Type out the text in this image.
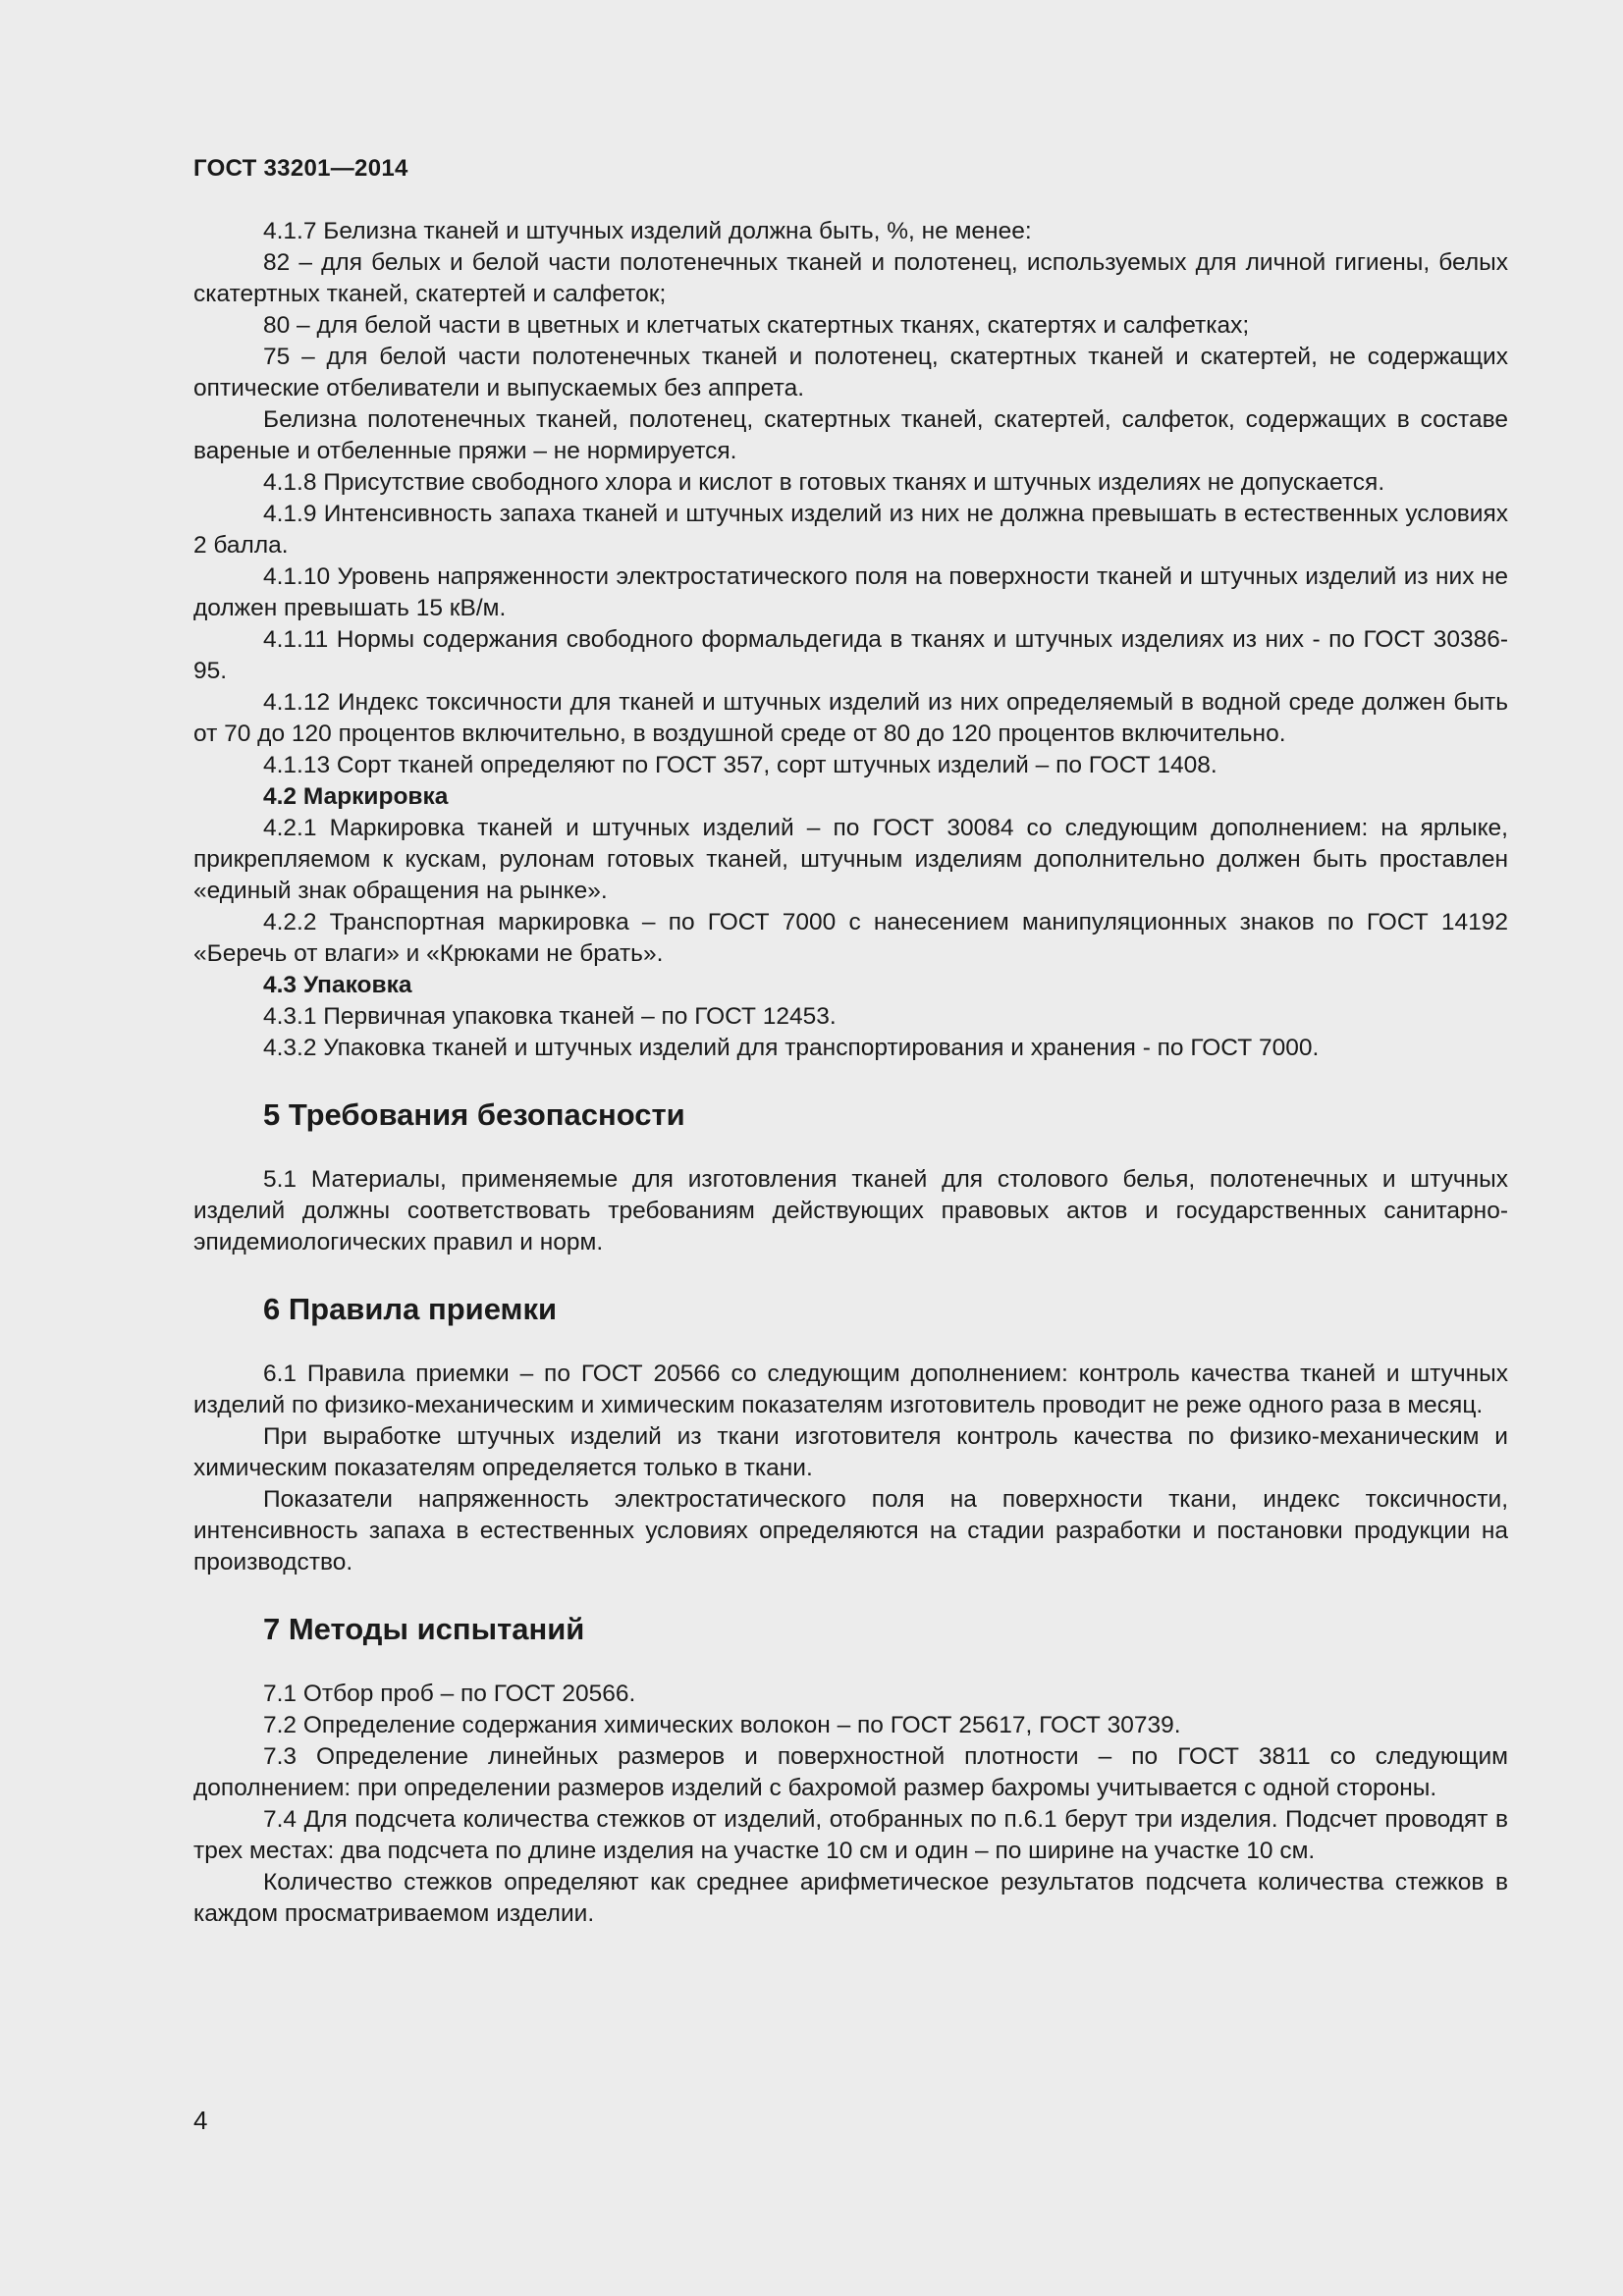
ГОСТ 33201—2014

4.1.7 Белизна тканей и штучных изделий должна быть, %, не менее:

82 – для белых и белой части полотенечных тканей и полотенец, используемых для личной гигиены, белых скатертных тканей, скатертей и салфеток;

80 – для белой части в цветных и клетчатых скатертных тканях, скатертях и салфетках;

75 – для белой части полотенечных тканей и полотенец, скатертных тканей и скатертей, не содержащих оптические отбеливатели и выпускаемых без аппрета.

Белизна полотенечных тканей, полотенец, скатертных тканей, скатертей, салфеток, содержащих в составе вареные и отбеленные пряжи – не нормируется.

4.1.8 Присутствие свободного хлора и кислот в готовых тканях и штучных изделиях не допускается.

4.1.9 Интенсивность запаха тканей и штучных изделий из них не должна превышать в естественных условиях 2 балла.

4.1.10 Уровень напряженности электростатического поля на поверхности тканей и штучных изделий из них не должен превышать 15 кВ/м.

4.1.11 Нормы содержания свободного формальдегида в тканях и штучных изделиях из них - по ГОСТ 30386-95.

4.1.12 Индекс токсичности для тканей и штучных изделий из них определяемый в водной среде должен быть от 70 до 120 процентов включительно, в воздушной среде от 80 до 120 процентов включительно.

4.1.13 Сорт тканей определяют по ГОСТ 357, сорт штучных изделий – по ГОСТ 1408.

4.2 Маркировка

4.2.1 Маркировка тканей и штучных изделий – по ГОСТ 30084 со следующим дополнением: на ярлыке, прикрепляемом к кускам, рулонам готовых тканей, штучным изделиям дополнительно должен быть проставлен «единый знак обращения на рынке».

4.2.2 Транспортная маркировка – по ГОСТ 7000 с нанесением манипуляционных знаков по ГОСТ 14192 «Беречь от влаги» и «Крюками не брать».

4.3 Упаковка

4.3.1 Первичная упаковка тканей – по ГОСТ 12453.

4.3.2 Упаковка тканей и штучных изделий для транспортирования и хранения - по ГОСТ 7000.

5 Требования безопасности

5.1 Материалы, применяемые для изготовления тканей для столового белья, полотенечных и штучных изделий должны соответствовать требованиям действующих правовых актов и государственных санитарно-эпидемиологических правил и норм.

6 Правила приемки

6.1 Правила приемки – по ГОСТ 20566 со следующим дополнением: контроль качества тканей и штучных изделий по физико-механическим и химическим показателям изготовитель проводит не реже одного раза в месяц.

При выработке штучных изделий из ткани изготовителя контроль качества по физико-механическим и химическим показателям определяется только в ткани.

Показатели напряженность электростатического поля на поверхности ткани, индекс токсичности, интенсивность запаха в естественных условиях определяются на стадии разработки и постановки продукции на производство.

7 Методы испытаний

7.1 Отбор проб – по ГОСТ 20566.

7.2 Определение содержания химических волокон – по ГОСТ 25617, ГОСТ 30739.

7.3 Определение линейных размеров и поверхностной плотности – по ГОСТ 3811 со следующим дополнением: при определении размеров изделий с бахромой размер бахромы учитывается с одной стороны.

7.4 Для подсчета количества стежков от изделий, отобранных по п.6.1 берут три изделия. Подсчет проводят в трех местах: два подсчета по длине изделия на участке 10 см и один – по ширине на участке 10 см.

Количество стежков определяют как среднее арифметическое результатов подсчета количества стежков в каждом просматриваемом изделии.

4
